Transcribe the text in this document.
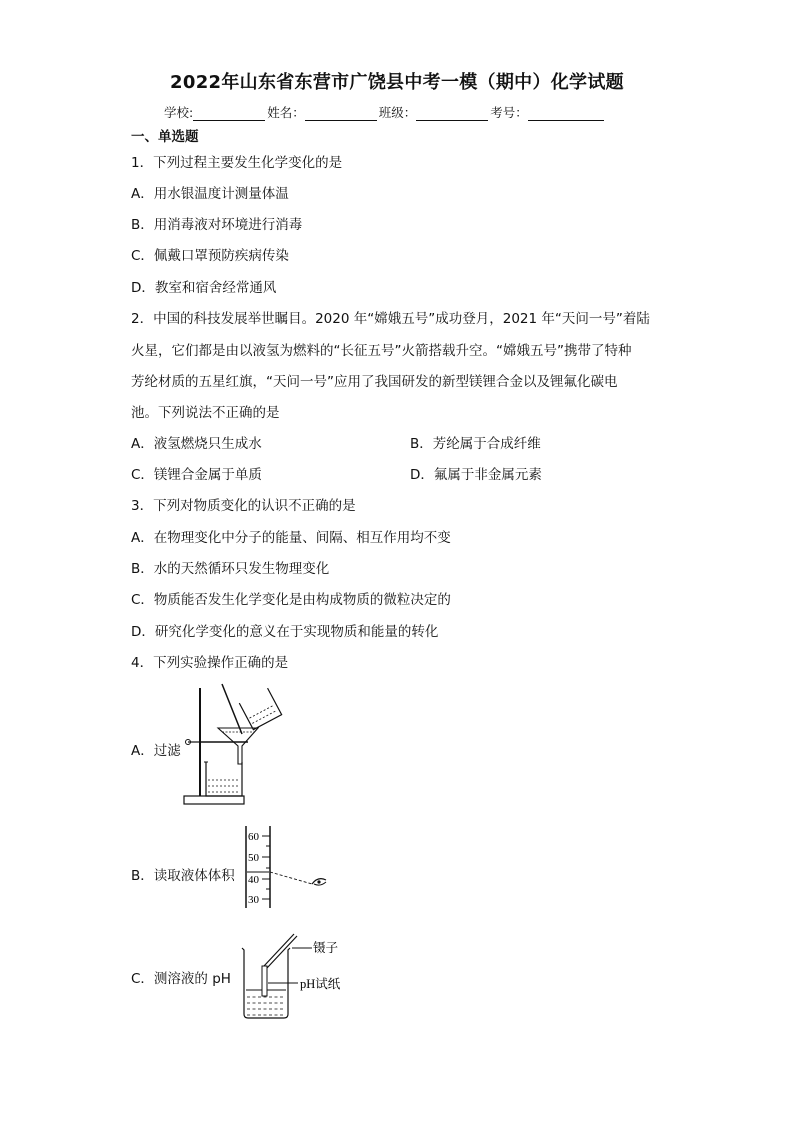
2022年山东省东营市广饶县中考一模（期中）化学试题
学校:	姓名：	班级：	考号：
一、单选题
1．下列过程主要发生化学变化的是
A．用水银温度计测量体温
B．用消毒液对环境进行消毒
C．佩戴口罩预防疾病传染
D．教室和宿舍经常通风
2．中国的科技发展举世瞩目。2020 年“嫦娥五号”成功登月，2021 年“天问一号”着陆
火星，它们都是由以液氢为燃料的“长征五号”火箭搭载升空。“嫦娥五号”携带了特种
芳纶材质的五星红旗，“天问一号”应用了我国研发的新型镁锂合金以及锂氟化碳电
池。下列说法不正确的是
A．液氢燃烧只生成水	B．芳纶属于合成纤维
C．镁锂合金属于单质	D．氟属于非金属元素
3．下列对物质变化的认识不正确的是
A．在物理变化中分子的能量、间隔、相互作用均不变
B．水的天然循环只发生物理变化
C．物质能否发生化学变化是由构成物质的微粒决定的
D．研究化学变化的意义在于实现物质和能量的转化
4．下列实验操作正确的是
A．过滤
B．读取液体体积
60
50
40
30
C．测溶液的 pH
镊子
pH试纸
